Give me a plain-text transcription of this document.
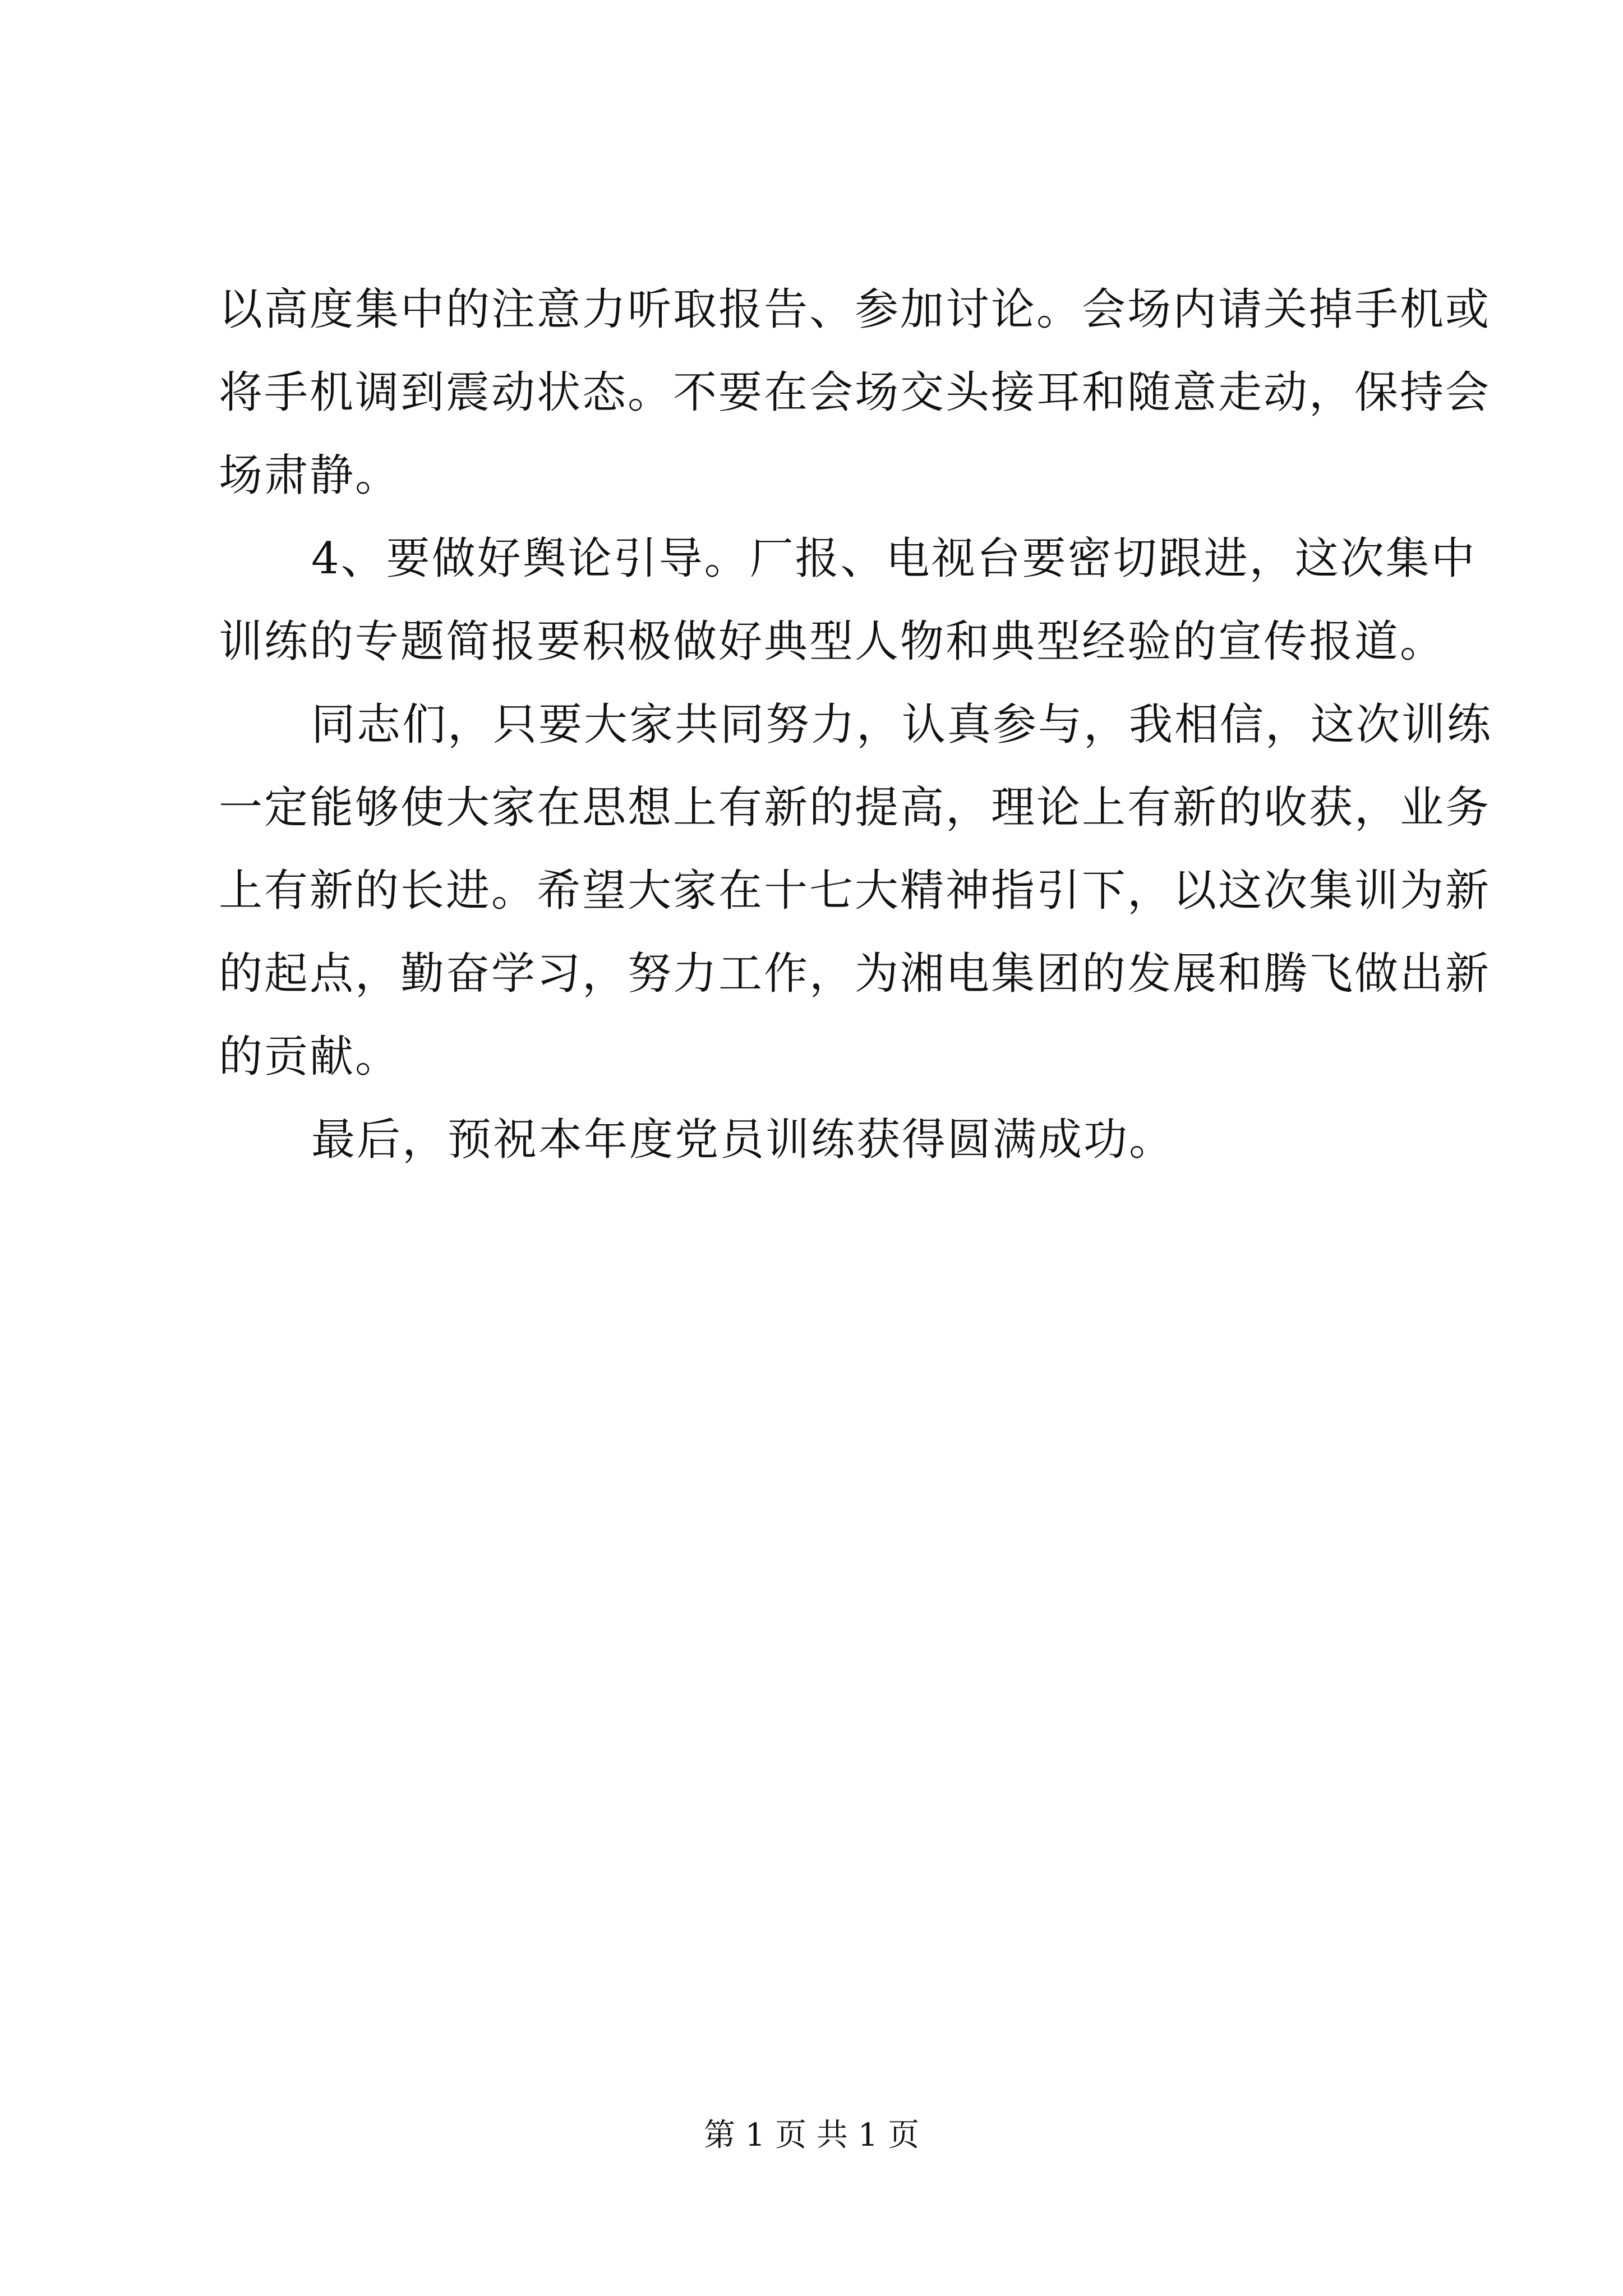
以高度集中的注意力听取报告、参加讨论。会场内请关掉手机或
将手机调到震动状态。不要在会场交头接耳和随意走动，保持会
场肃静。

4、要做好舆论引导。厂报、电视台要密切跟进，这次集中
训练的专题简报要积极做好典型人物和典型经验的宣传报道。

同志们，只要大家共同努力，认真参与，我相信，这次训练
一定能够使大家在思想上有新的提高，理论上有新的收获，业务
上有新的长进。希望大家在十七大精神指引下，以这次集训为新
的起点，勤奋学习，努力工作，为湘电集团的发展和腾飞做出新
的贡献。

最后，预祝本年度党员训练获得圆满成功。

第 1 页 共 1 页
